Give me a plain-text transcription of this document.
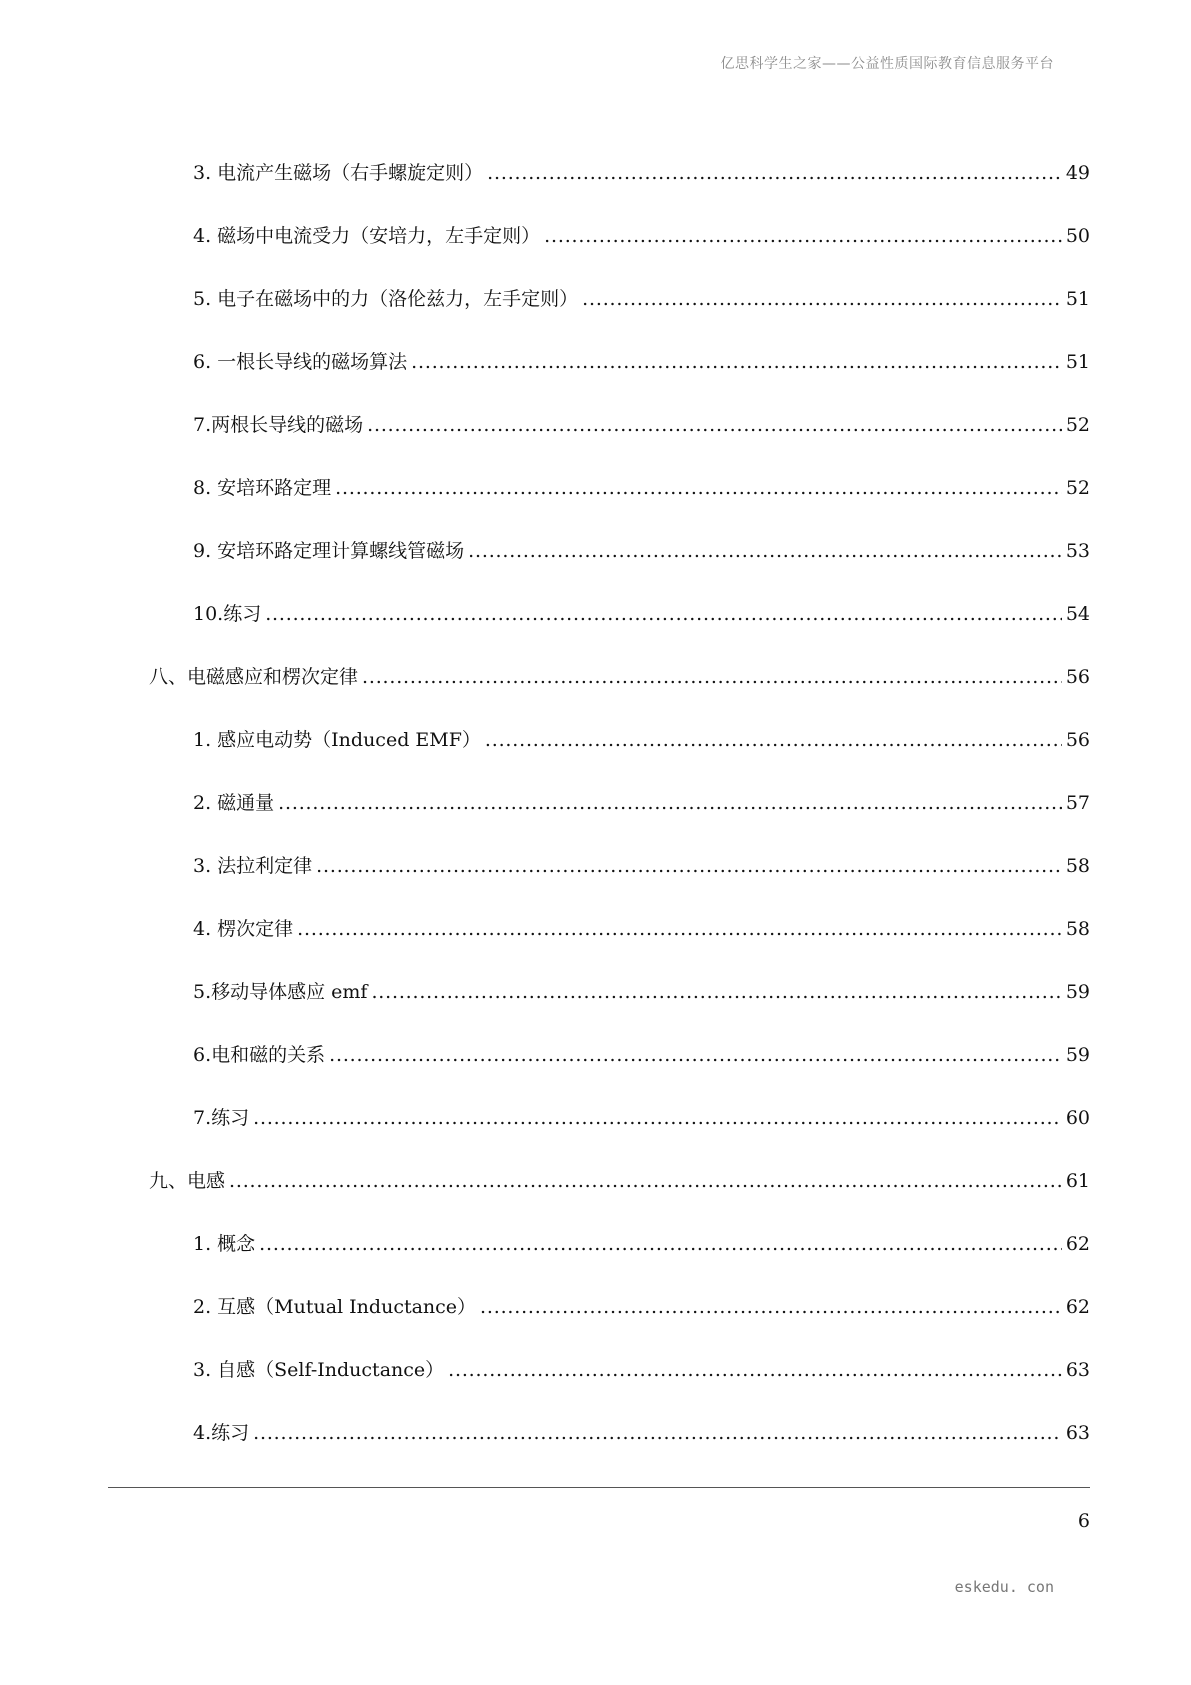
亿思科学生之家——公益性质国际教育信息服务平台
3. 电流产生磁场（右手螺旋定则） .....	49
4. 磁场中电流受力（安培力，左手定则） .....	50
5. 电子在磁场中的力（洛伦兹力，左手定则） .....	51
6. 一根长导线的磁场算法 .....	51
7.两根长导线的磁场 .....	52
8. 安培环路定理 .....	52
9. 安培环路定理计算螺线管磁场 .....	53
10.练习 .....	54
八、电磁感应和楞次定律 .....	56
1. 感应电动势（Induced EMF） .....	56
2. 磁通量 .....	57
3. 法拉利定律 .....	58
4. 楞次定律 .....	58
5.移动导体感应 emf .....	59
6.电和磁的关系 .....	59
7.练习 .....	60
九、电感 .....	61
1. 概念 .....	62
2. 互感（Mutual Inductance） .....	62
3. 自感（Self-Inductance） .....	63
4.练习 .....	63
6
eskedu. con
